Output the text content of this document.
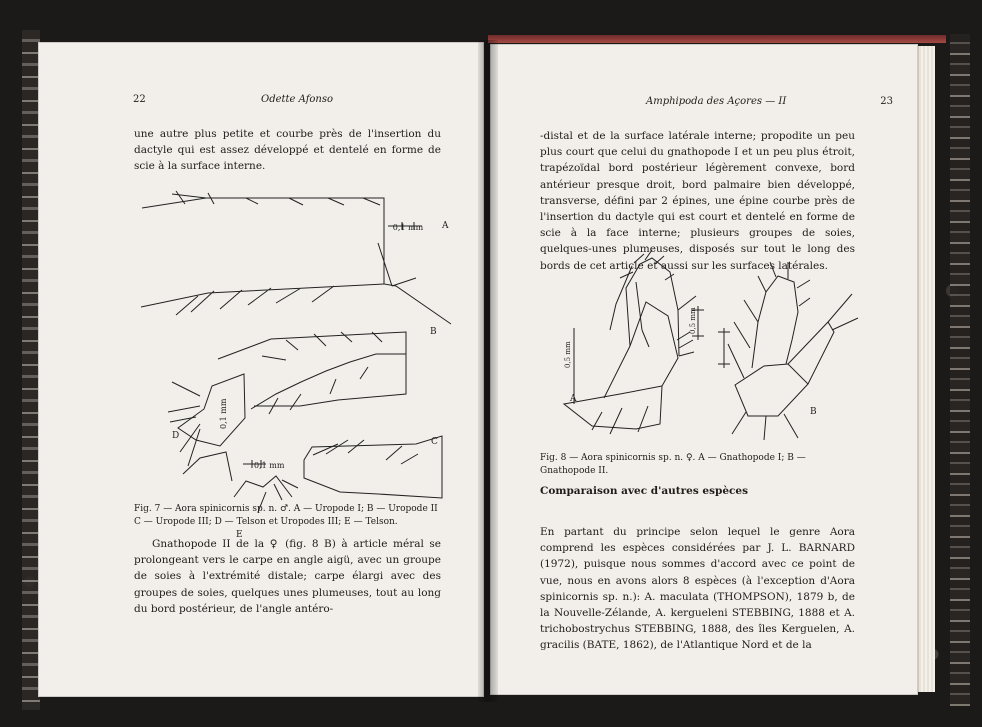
22	Odette Afonso
une autre plus petite et courbe près de l'insertion du dactyle qui est assez développé et dentelé en forme de scie à la surface interne.
0,1 mm A
0,1 mm
D
B
C
0,1 mm
E
Fig. 7 — Aora spinicornis sp. n. ♂. A — Uropode I; B — Uropode II C — Uropode III; D — Telson et Uropodes III; E — Telson.
Gnathopode II de la ♀ (fig. 8 B) à article méral se prolongeant vers le carpe en angle aigü, avec un groupe de soies à l'extrémité distale; carpe élargi avec des groupes de soies, quelques unes plumeuses, tout au long du bord postérieur, de l'angle antéro-
Amphipoda des Açores — II	23
-distal et de la surface latérale interne; propodite un peu plus court que celui du gnathopode I et un peu plus étroit, trapézoïdal bord postérieur légèrement convexe, bord antérieur presque droit, bord palmaire bien développé, transverse, défini par 2 épines, une épine courbe près de l'insertion du dactyle qui est court et dentelé en forme de scie à la face interne; plusieurs groupes de soies, quelques-unes plumeuses, disposés sur tout le long des bords de cet article et aussi sur les surfaces latérales.
0,5 mm
A
0,5 mm
B
Fig. 8 — Aora spinicornis sp. n. ♀. A — Gnathopode I; B — Gnathopode II.
Comparaison avec d'autres espèces
En partant du principe selon lequel le genre Aora comprend les espèces considérées par J. L. BARNARD (1972), puisque nous sommes d'accord avec ce point de vue, nous en avons alors 8 espèces (à l'exception d'Aora spinicornis sp. n.): A. maculata (THOMPSON), 1879 b, de la Nouvelle-Zélande, A. kergueleni STEBBING, 1888 et A. trichobostrychus STEBBING, 1888, des îles Kerguelen, A. gracilis (BATE, 1862), de l'Atlantique Nord et de la
